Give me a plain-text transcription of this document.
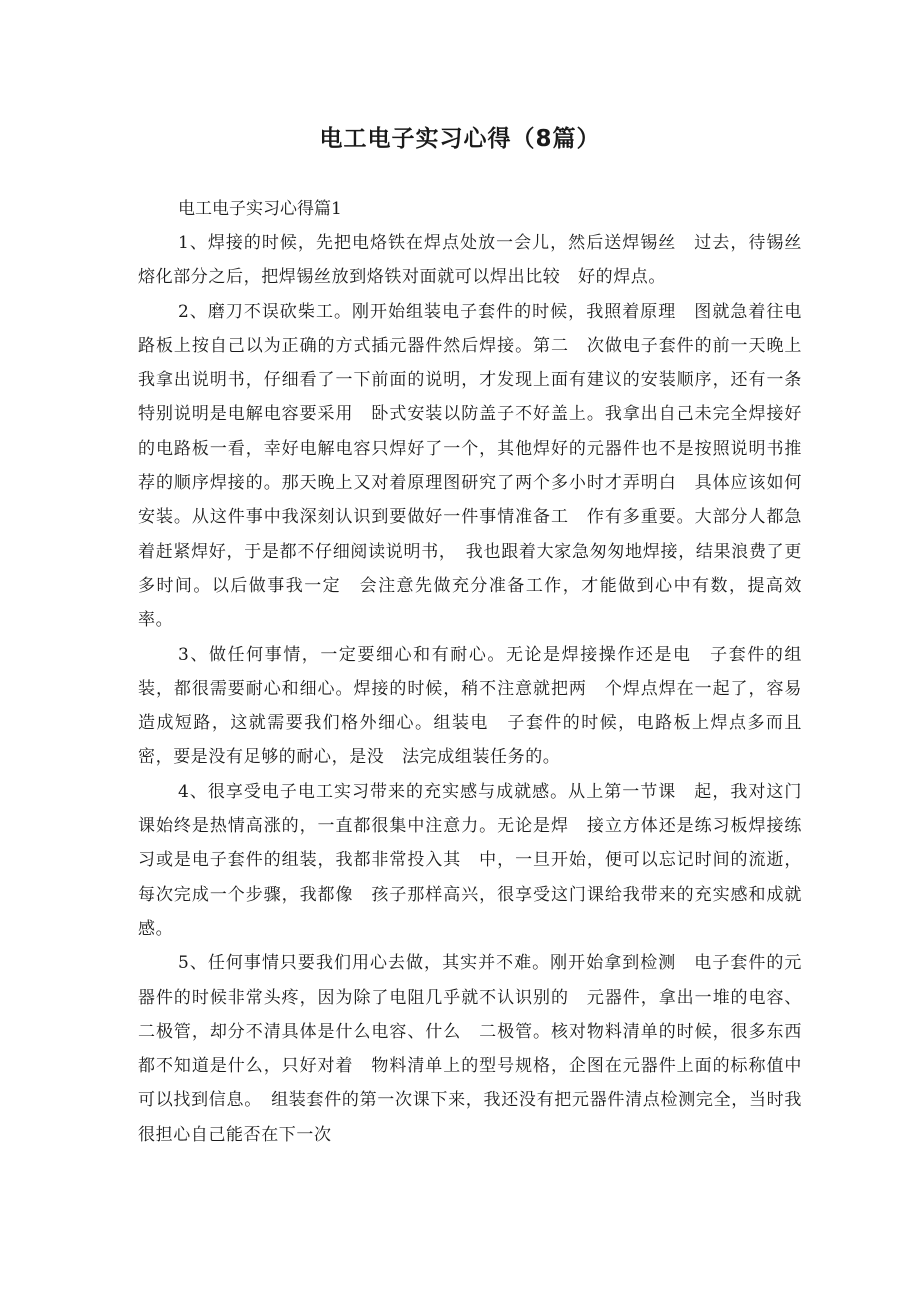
电工电子实习心得（8篇）

电工电子实习心得篇1

1、焊接的时候，先把电烙铁在焊点处放一会儿，然后送焊锡丝　过去，待锡丝熔化部分之后，把焊锡丝放到烙铁对面就可以焊出比较　好的焊点。

2、磨刀不误砍柴工。刚开始组装电子套件的时候，我照着原理　图就急着往电路板上按自己以为正确的方式插元器件然后焊接。第二　次做电子套件的前一天晚上我拿出说明书，仔细看了一下前面的说明，才发现上面有建议的安装顺序，还有一条特别说明是电解电容要采用　卧式安装以防盖子不好盖上。我拿出自己未完全焊接好的电路板一看，幸好电解电容只焊好了一个，其他焊好的元器件也不是按照说明书推　荐的顺序焊接的。那天晚上又对着原理图研究了两个多小时才弄明白　具体应该如何安装。从这件事中我深刻认识到要做好一件事情准备工　作有多重要。大部分人都急着赶紧焊好，于是都不仔细阅读说明书，　我也跟着大家急匆匆地焊接，结果浪费了更多时间。以后做事我一定　会注意先做充分准备工作，才能做到心中有数，提高效率。

3、做任何事情，一定要细心和有耐心。无论是焊接操作还是电　子套件的组装，都很需要耐心和细心。焊接的时候，稍不注意就把两　个焊点焊在一起了，容易造成短路，这就需要我们格外细心。组装电　子套件的时候，电路板上焊点多而且密，要是没有足够的耐心，是没　法完成组装任务的。

4、很享受电子电工实习带来的充实感与成就感。从上第一节课　起，我对这门课始终是热情高涨的，一直都很集中注意力。无论是焊　接立方体还是练习板焊接练习或是电子套件的组装，我都非常投入其　中，一旦开始，便可以忘记时间的流逝，每次完成一个步骤，我都像　孩子那样高兴，很享受这门课给我带来的充实感和成就感。

5、任何事情只要我们用心去做，其实并不难。刚开始拿到检测　电子套件的元器件的时候非常头疼，因为除了电阻几乎就不认识别的　元器件，拿出一堆的电容、二极管，却分不清具体是什么电容、什么　二极管。核对物料清单的时候，很多东西都不知道是什么，只好对着　物料清单上的型号规格，企图在元器件上面的标称值中可以找到信息。　组装套件的第一次课下来，我还没有把元器件清点检测完全，当时我　很担心自己能否在下一次
